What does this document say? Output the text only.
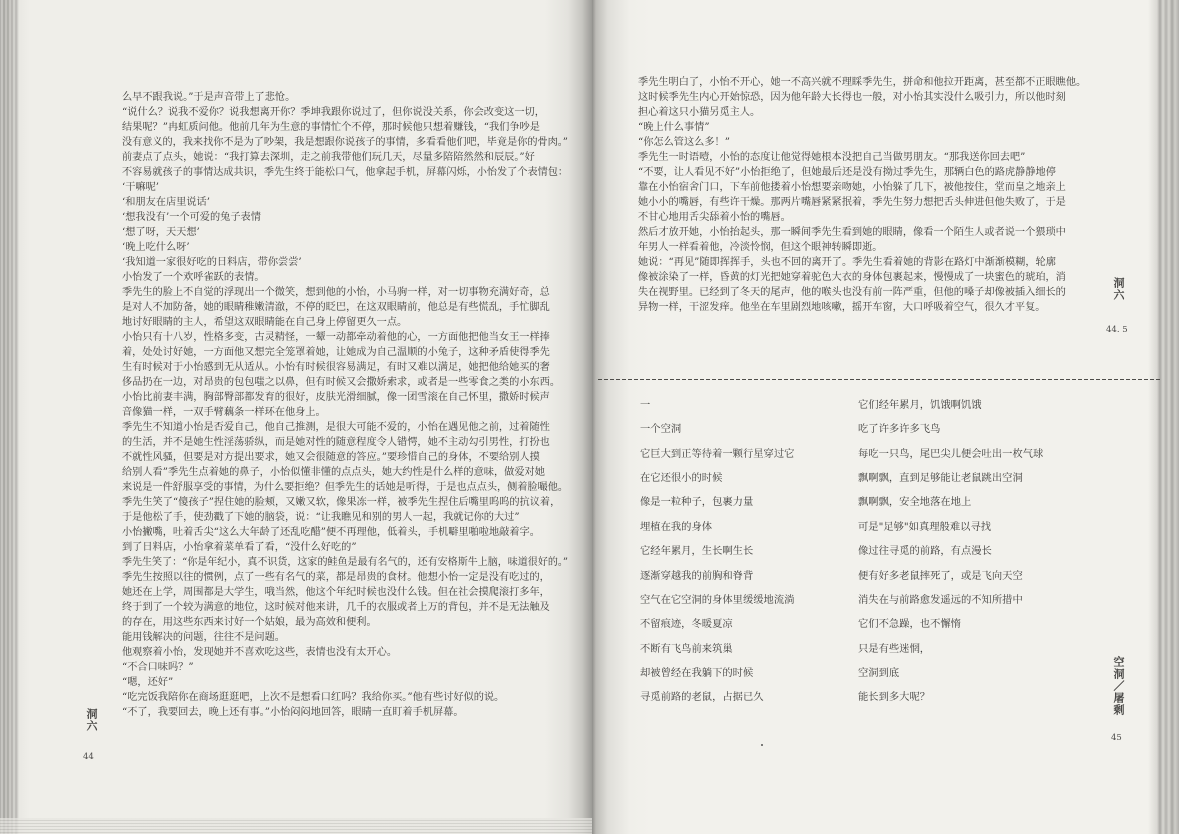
么早不跟我说。”于是声音带上了悲怆。
“说什么？说我不爱你？说我想离开你？季坤我跟你说过了，但你说没关系，你会改变这一切，
结果呢？”冉虹质问他。他前几年为生意的事情忙个不停，那时候他只想着赚钱，“我们争吵是
没有意义的，我来找你不是为了吵架，我是想跟你说孩子的事情，多看看他们吧，毕竟是你的骨肉。”
前妻点了点头，她说：“我打算去深圳，走之前我带他们玩几天，尽量多陪陪然然和辰辰。”好
不容易就孩子的事情达成共识，季先生终于能松口气，他拿起手机，屏幕闪烁，小怡发了个表情包：
‘干嘛呢’
‘和朋友在店里说话’
‘想我没有’一个可爱的兔子表情
‘想了呀，天天想’
‘晚上吃什么呀’
‘我知道一家很好吃的日料店，带你尝尝’
小怡发了一个欢呼雀跃的表情。
季先生的脸上不自觉的浮现出一个微笑，想到他的小怡，小马驹一样，对一切事物充满好奇，总
是对人不加防备，她的眼睛稚嫩清澈，不停的眨巴，在这双眼睛前，他总是有些慌乱，手忙脚乱
地讨好眼睛的主人，希望这双眼睛能在自己身上停留更久一点。
小怡只有十八岁，性格多变，古灵精怪，一颦一动都牵动着他的心，一方面他把他当女王一样捧
着，处处讨好她，一方面他又想完全笼罩着她，让她成为自己温顺的小兔子，这种矛盾使得季先
生有时候对于小怡感到无从适从。小怡有时候很容易满足，有时又难以满足，她把他给她买的奢
侈品扔在一边，对昂贵的包包嗤之以鼻，但有时候又会撒娇索求，或者是一些零食之类的小东西。
小怡比前妻丰满，胸部臀部都发育的很好，皮肤光滑细腻，像一团雪滚在自己怀里，撒娇时候声
音像猫一样，一双手臂藕条一样环在他身上。
季先生不知道小怡是否爱自己，他自己推测，是很大可能不爱的，小怡在遇见他之前，过着随性
的生活，并不是她生性淫荡骄纵，而是她对性的随意程度令人错愕，她不主动勾引男性，打扮也
不就性风骚，但要是对方提出要求，她又会很随意的答应。”要珍惜自己的身体，不要给别人摸
给别人看”季先生点着她的鼻子，小怡似懂非懂的点点头，她大约性是什么样的意味，做爱对她
来说是一件舒服享受的事情，为什么要拒绝？但季先生的话她是听得，于是也点点头，侧着脸嘬他。
季先生笑了“傻孩子”捏住她的脸颊，又嫩又软，像果冻一样，被季先生捏住后嘴里呜呜的抗议着，
于是他松了手，使劲戳了下她的脑袋，说：“让我瞧见和别的男人一起，我就记你的大过”
小怡撇嘴，吐着舌尖“这么大年龄了还乱吃醋”便不再理他，低着头，手机噼里啪啦地敲着字。
到了日料店，小怡拿着菜单看了看，“没什么好吃的”
季先生笑了：“你是年纪小，真不识货，这家的鲑鱼是最有名气的，还有安格斯牛上脑，味道很好的。”
季先生按照以往的惯例，点了一些有名气的菜，都是昂贵的食材。他想小怡一定是没有吃过的，
她还在上学，周围都是大学生，哦当然，他这个年纪时候也没什么钱。但在社会摸爬滚打多年，
终于到了一个较为满意的地位，这时候对他来讲，几千的衣服或者上万的背包，并不是无法触及
的存在，用这些东西来讨好一个姑娘，最为高效和便利。
能用钱解决的问题，往往不是问题。
他观察着小怡，发现她并不喜欢吃这些，表情也没有太开心。
“不合口味吗？”
“嗯，还好”
“吃完饭我陪你在商场逛逛吧，上次不是想看口红吗？我给你买。”他有些讨好似的说。
“不了，我要回去，晚上还有事。”小怡闷闷地回答，眼睛一直盯着手机屏幕。
洞六
44
季先生明白了，小怡不开心，她一不高兴就不理睬季先生，拼命和他拉开距离，甚至都不正眼瞧他。
这时候季先生内心开始惊恐，因为他年龄大长得也一般，对小怡其实没什么吸引力，所以他时刻
担心着这只小猫另觅主人。
“晚上什么事情”
“你怎么管这么多！”
季先生一时语噎，小怡的态度让他觉得她根本没把自己当做男朋友。“那我送你回去吧”
“不要，让人看见不好”小怡拒绝了，但她最后还是没有拗过季先生，那辆白色的路虎静静地停
靠在小怡宿舍门口，下车前他搂着小怡想要亲吻她，小怡躲了几下，被他按住，堂而皇之地亲上
她小小的嘴唇，有些许干燥。那两片嘴唇紧紧抿着，季先生努力想把舌头伸进但他失败了，于是
不甘心地用舌尖舔着小怡的嘴唇。
然后才放开她，小怡抬起头，那一瞬间季先生看到她的眼睛，像看一个陌生人或者说一个猥琐中
年男人一样看着他，冷淡怜悯，但这个眼神转瞬即逝。
她说：“再见”随即挥挥手，头也不回的离开了。季先生看着她的背影在路灯中渐渐模糊，轮廓
像被涂染了一样，昏黄的灯光把她穿着驼色大衣的身体包裹起来，慢慢成了一块蜜色的琥珀，消
失在视野里。已经到了冬天的尾声，他的喉头也没有前一阵严重，但他的嗓子却像被插入细长的
异物一样，干涩发痒。他坐在车里剧烈地咳嗽，摇开车窗，大口呼吸着空气，很久才平复。
洞六
44. 5
一
一个空洞
它巨大到正等待着一颗行星穿过它
在它还很小的时候
像是一粒种子，包裹力量
埋植在我的身体
它经年累月，生长啊生长
逐渐穿越我的前胸和脊背
空气在它空洞的身体里缓缓地流淌
不留痕迹，冬暖夏凉
不断有飞鸟前来筑巢
却被曾经在我躺下的时候
寻觅前路的老鼠，占据已久
它们经年累月，饥饿啊饥饿
吃了许多许多飞鸟
每吃一只鸟，尾巴尖儿便会吐出一枚气球
飘啊飘，直到足够能让老鼠跳出空洞
飘啊飘，安全地落在地上
可是"足够"如真理般难以寻找
像过往寻觅的前路，有点漫长
便有好多老鼠摔死了，或是飞向天空
消失在与前路愈发遥远的不知所措中
它们不急躁，也不懈惰
只是有些迷惘，
空洞到底
能长到多大呢？	空洞／屠剩
45
